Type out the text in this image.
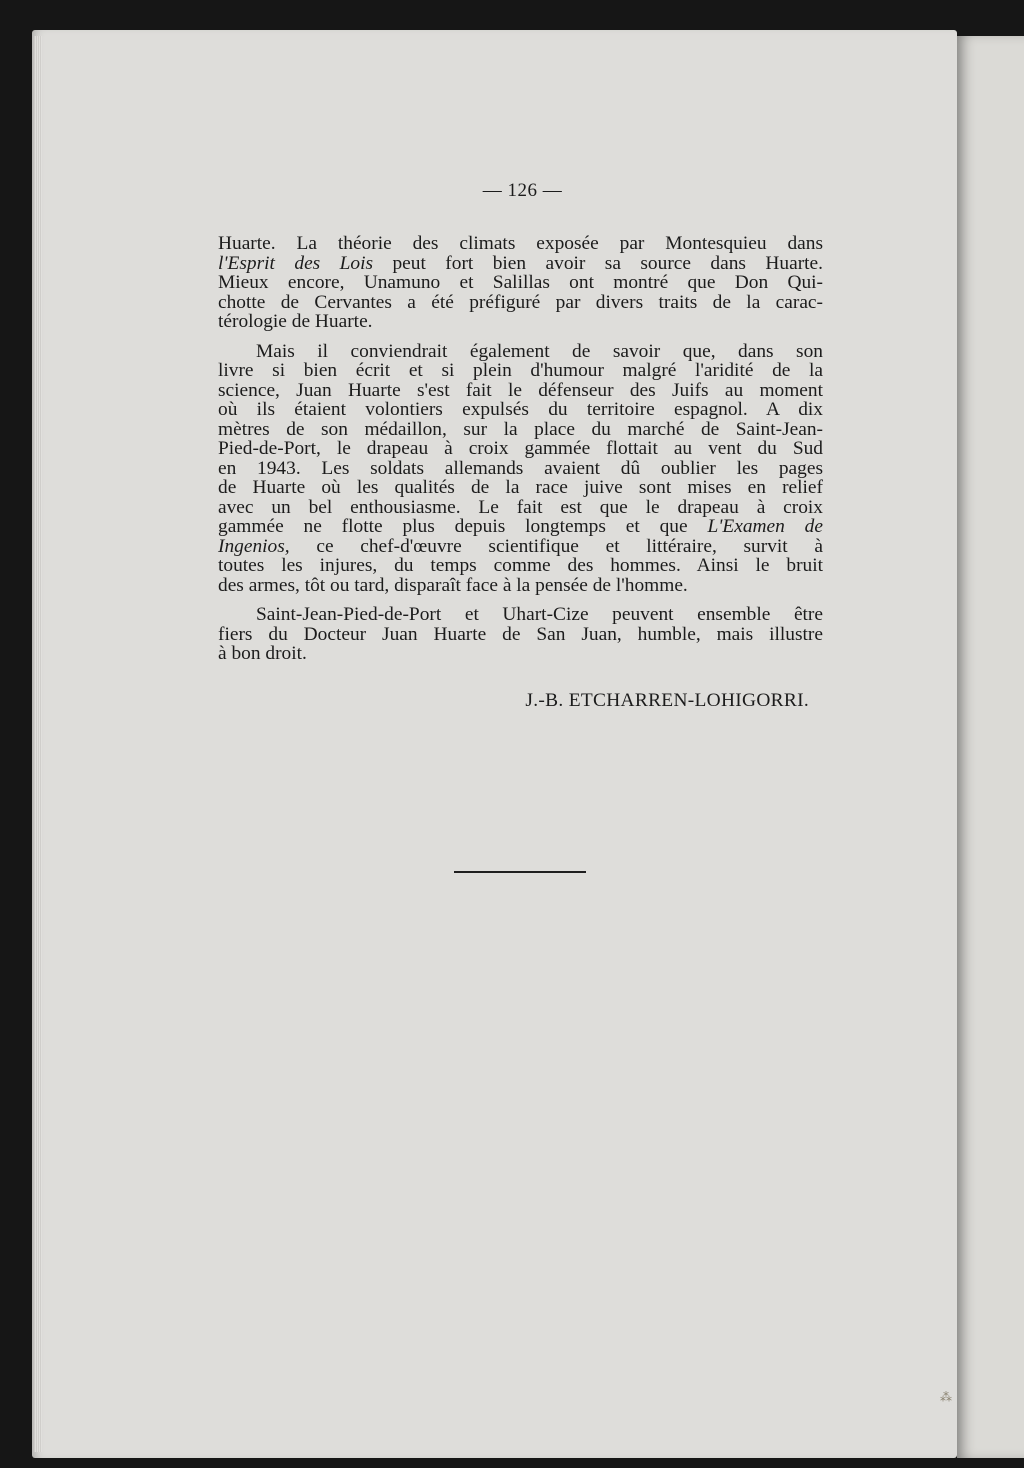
— 126 —
Huarte. La théorie des climats exposée par Montesquieu dans
l'Esprit des Lois peut fort bien avoir sa source dans Huarte.
Mieux encore, Unamuno et Salillas ont montré que Don Qui-
chotte de Cervantes a été préfiguré par divers traits de la carac-
térologie de Huarte.
Mais il conviendrait également de savoir que, dans son
livre si bien écrit et si plein d'humour malgré l'aridité de la
science, Juan Huarte s'est fait le défenseur des Juifs au moment
où ils étaient volontiers expulsés du territoire espagnol. A dix
mètres de son médaillon, sur la place du marché de Saint-Jean-
Pied-de-Port, le drapeau à croix gammée flottait au vent du Sud
en 1943. Les soldats allemands avaient dû oublier les pages
de Huarte où les qualités de la race juive sont mises en relief
avec un bel enthousiasme. Le fait est que le drapeau à croix
gammée ne flotte plus depuis longtemps et que L'Examen de
Ingenios, ce chef-d'œuvre scientifique et littéraire, survit à
toutes les injures, du temps comme des hommes. Ainsi le bruit
des armes, tôt ou tard, disparaît face à la pensée de l'homme.
Saint-Jean-Pied-de-Port et Uhart-Cize peuvent ensemble être
fiers du Docteur Juan Huarte de San Juan, humble, mais illustre
à bon droit.
J.-B. ETCHARREN-LOHIGORRI.
⁂
